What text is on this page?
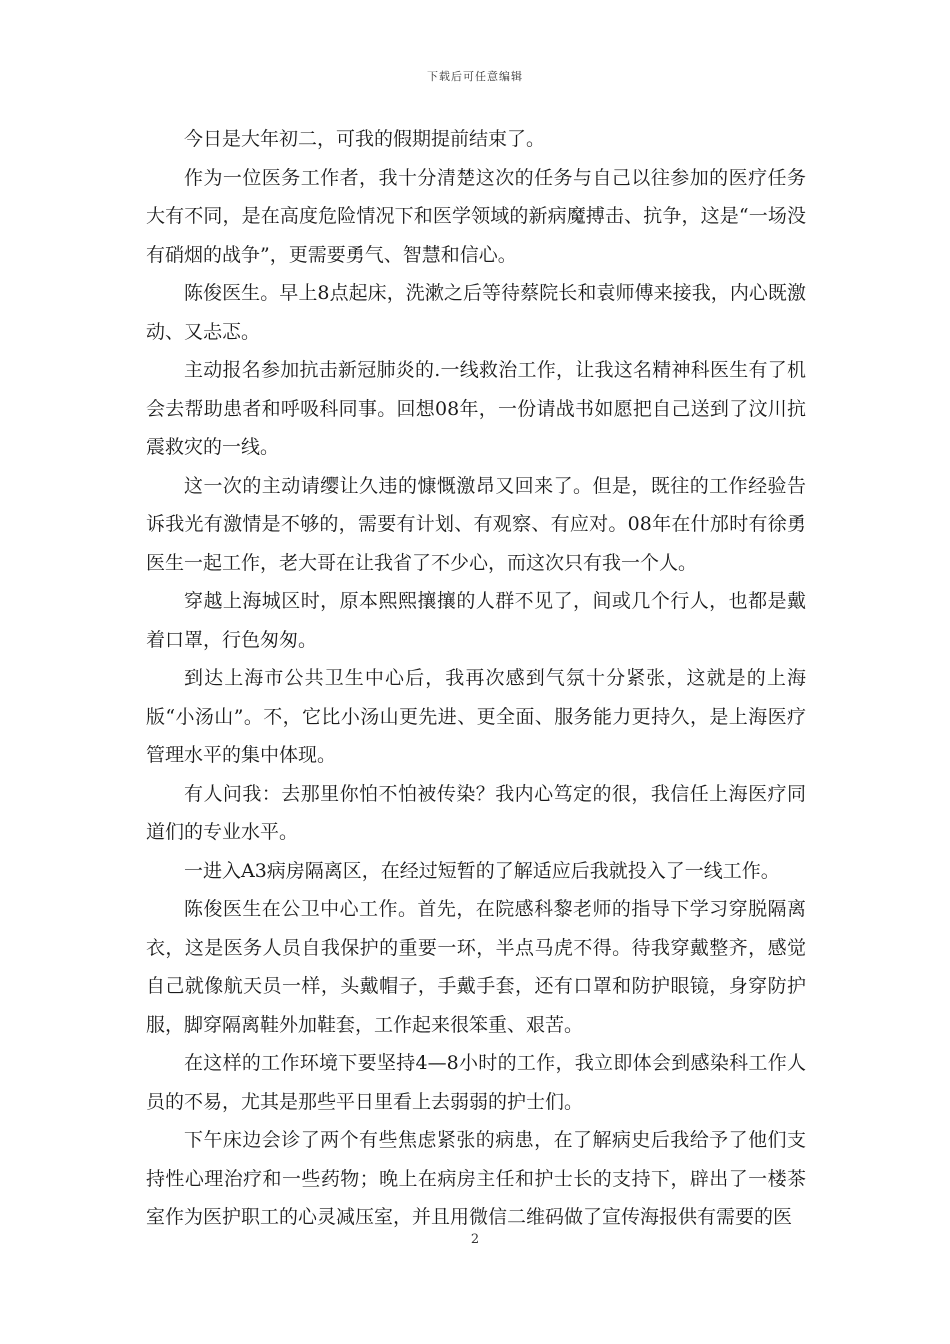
下载后可任意编辑

今日是大年初二，可我的假期提前结束了。

作为一位医务工作者，我十分清楚这次的任务与自己以往参加的医疗任务大有不同，是在高度危险情况下和医学领域的新病魔搏击、抗争，这是“一场没有硝烟的战争”，更需要勇气、智慧和信心。

陈俊医生。早上8点起床，洗漱之后等待蔡院长和袁师傅来接我，内心既激动、又忐忑。

主动报名参加抗击新冠肺炎的.一线救治工作，让我这名精神科医生有了机会去帮助患者和呼吸科同事。回想08年，一份请战书如愿把自己送到了汶川抗震救灾的一线。

这一次的主动请缨让久违的慷慨激昂又回来了。但是，既往的工作经验告诉我光有激情是不够的，需要有计划、有观察、有应对。08年在什邡时有徐勇医生一起工作，老大哥在让我省了不少心，而这次只有我一个人。

穿越上海城区时，原本熙熙攘攘的人群不见了，间或几个行人，也都是戴着口罩，行色匆匆。

到达上海市公共卫生中心后，我再次感到气氛十分紧张，这就是的上海版“小汤山”。不，它比小汤山更先进、更全面、服务能力更持久，是上海医疗管理水平的集中体现。

有人问我：去那里你怕不怕被传染？我内心笃定的很，我信任上海医疗同道们的专业水平。

一进入A3病房隔离区，在经过短暂的了解适应后我就投入了一线工作。

陈俊医生在公卫中心工作。首先，在院感科黎老师的指导下学习穿脱隔离衣，这是医务人员自我保护的重要一环，半点马虎不得。待我穿戴整齐，感觉自己就像航天员一样，头戴帽子，手戴手套，还有口罩和防护眼镜，身穿防护服，脚穿隔离鞋外加鞋套，工作起来很笨重、艰苦。

在这样的工作环境下要坚持4—8小时的工作，我立即体会到感染科工作人员的不易，尤其是那些平日里看上去弱弱的护士们。

下午床边会诊了两个有些焦虑紧张的病患，在了解病史后我给予了他们支持性心理治疗和一些药物；晚上在病房主任和护士长的支持下，辟出了一楼茶室作为医护职工的心灵减压室，并且用微信二维码做了宣传海报供有需要的医

2
